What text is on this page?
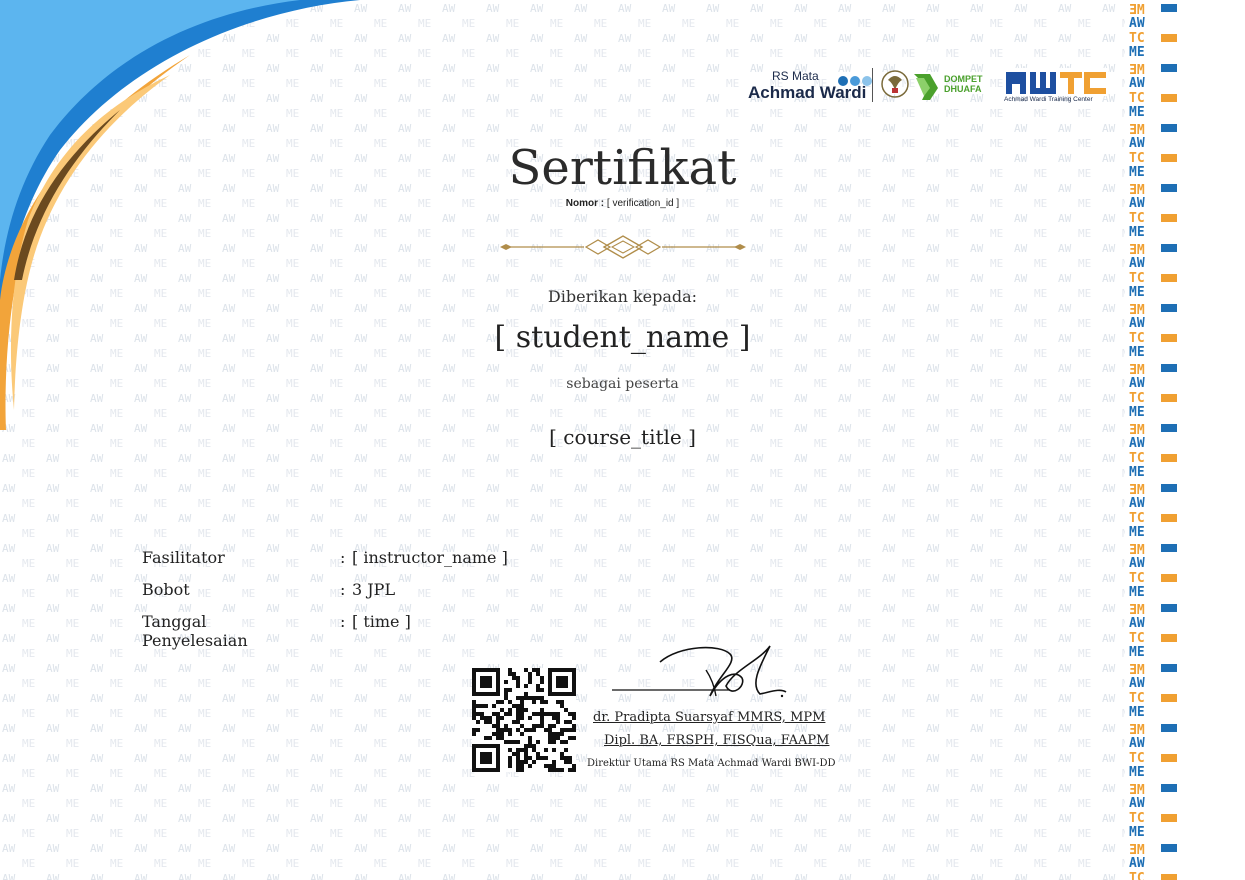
RS Mata
Achmad Wardi
DOMPET
DHUAFA
Achmad Wardi Training Center
Sertifikat
Nomor : [ verification_id ]
Diberikan kepada:
[ student_name ]
sebagai peserta
[ course_title ]
Fasilitator	: [ instructor_name ]
Bobot	: 3 JPL
Tanggal Penyelesaian
: [ time ]
dr. Pradipta Suarsyaf MMRS, MPM
Dipl. BA, FRSPH, FISQua, FAAPM
Direktur Utama RS Mata Achmad Wardi BWI-DD
